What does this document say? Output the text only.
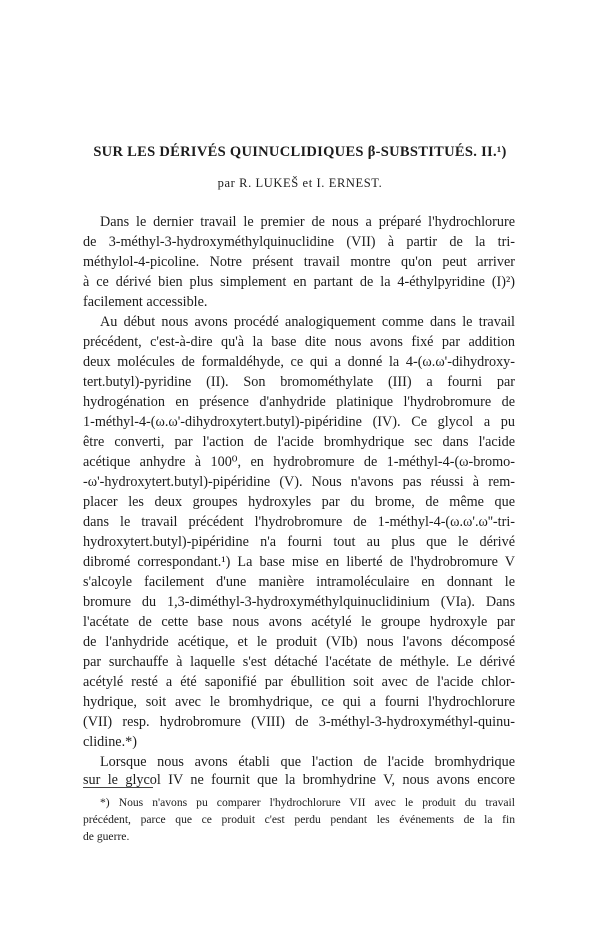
SUR LES DÉRIVÉS QUINUCLIDIQUES β-SUBSTITUÉS. II.¹)
par R. LUKEŠ et I. ERNEST.
Dans le dernier travail le premier de nous a préparé l'hydrochlorure
de 3-méthyl-3-hydroxyméthylquinuclidine (VII) à partir de la tri-
méthylol-4-picoline. Notre présent travail montre qu'on peut arriver
à ce dérivé bien plus simplement en partant de la 4-éthylpyridine (I)²)
facilement accessible.
Au début nous avons procédé analogiquement comme dans le travail
précédent, c'est-à-dire qu'à la base dite nous avons fixé par addition
deux molécules de formaldéhyde, ce qui a donné la 4-(ω.ω'-dihydroxy-
tert.butyl)-pyridine (II). Son bromométhylate (III) a fourni par
hydrogénation en présence d'anhydride platinique l'hydrobromure de
1-méthyl-4-(ω.ω'-dihydroxytert.butyl)-pipéridine (IV). Ce glycol a pu
être converti, par l'action de l'acide bromhydrique sec dans l'acide
acétique anhydre à 100⁰, en hydrobromure de 1-méthyl-4-(ω-bromo-
-ω'-hydroxytert.butyl)-pipéridine (V). Nous n'avons pas réussi à rem-
placer les deux groupes hydroxyles par du brome, de même que
dans le travail précédent l'hydrobromure de 1-méthyl-4-(ω.ω'.ω''-tri-
hydroxytert.butyl)-pipéridine n'a fourni tout au plus que le dérivé
dibromé correspondant.¹) La base mise en liberté de l'hydrobromure V
s'alcoyle facilement d'une manière intramoléculaire en donnant le
bromure du 1,3-diméthyl-3-hydroxyméthylquinuclidinium (VIa). Dans
l'acétate de cette base nous avons acétylé le groupe hydroxyle par
de l'anhydride acétique, et le produit (VIb) nous l'avons décomposé
par surchauffe à laquelle s'est détaché l'acétate de méthyle. Le dérivé
acétylé resté a été saponifié par ébullition soit avec de l'acide chlor-
hydrique, soit avec le bromhydrique, ce qui a fourni l'hydrochlorure
(VII) resp. hydrobromure (VIII) de 3-méthyl-3-hydroxyméthyl-quinu-
clidine.*)
Lorsque nous avons établi que l'action de l'acide bromhydrique
sur le glycol IV ne fournit que la bromhydrine V, nous avons encore
*) Nous n'avons pu comparer l'hydrochlorure VII avec le produit du travail
précédent, parce que ce produit c'est perdu pendant les événements de la fin
de guerre.
